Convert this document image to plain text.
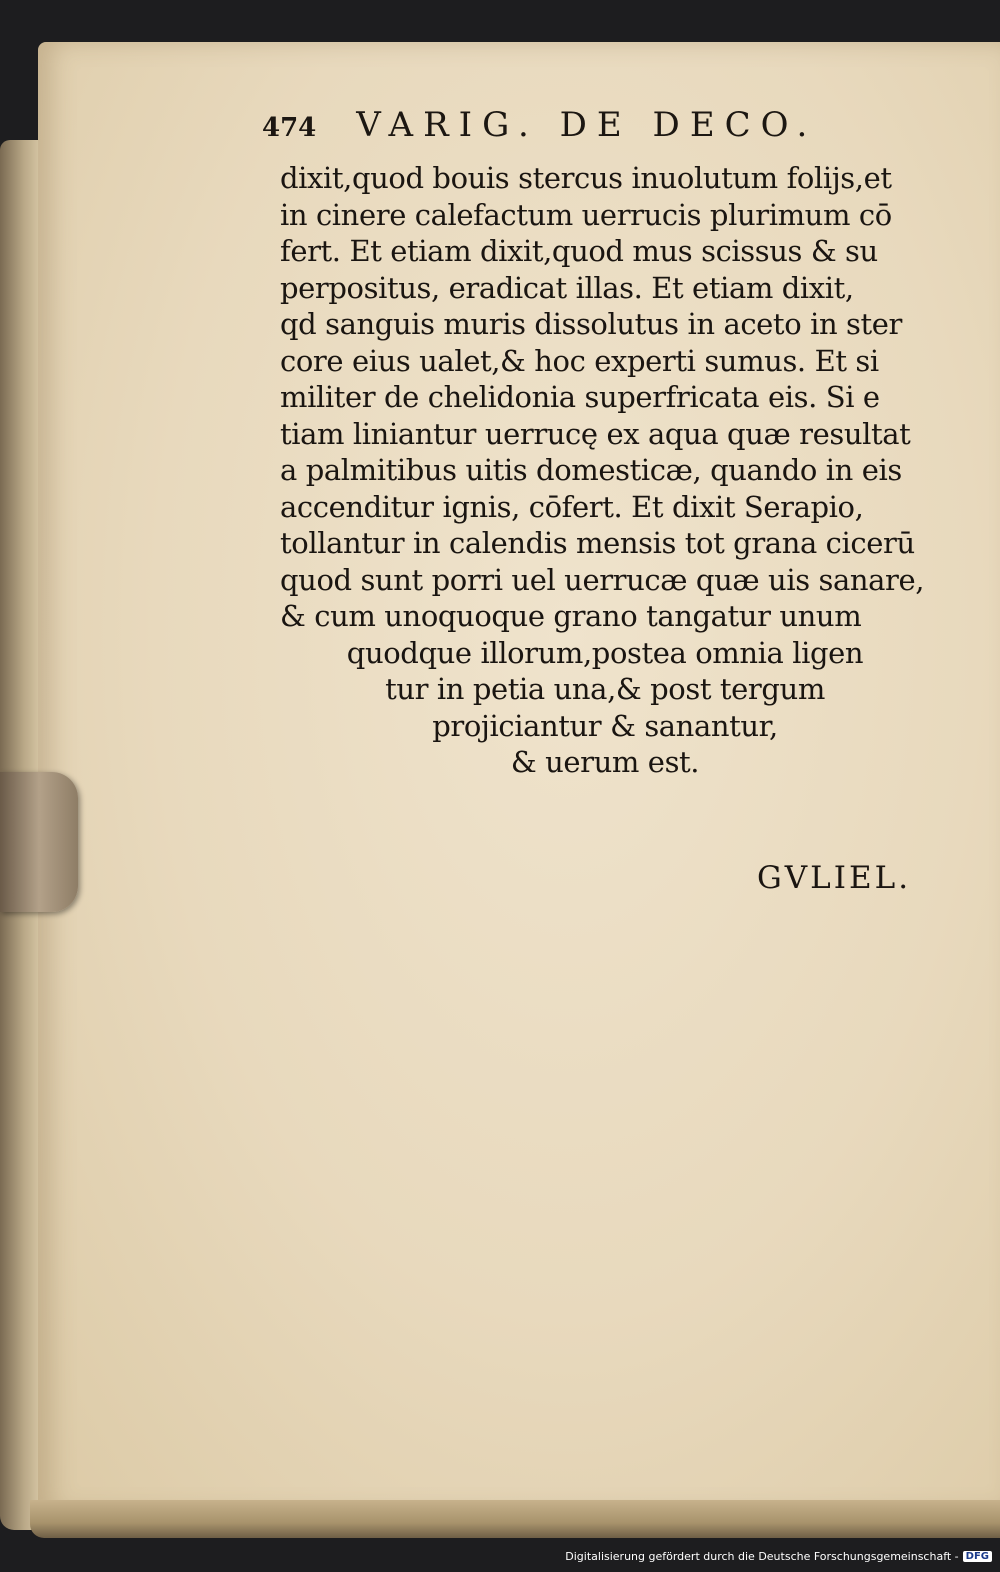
474 VARIG. DE DECO.
dixit,quod bouis stercus inuolutum folijs,et
in cinere calefactum uerrucis plurimum cō
fert. Et etiam dixit,quod mus scissus & su
perpositus, eradicat illas. Et etiam dixit,
qd sanguis muris dissolutus in aceto in ster
core eius ualet,& hoc experti sumus. Et si
militer de chelidonia superfricata eis. Si e
tiam liniantur uerrucę ex aqua quæ resultat
a palmitibus uitis domesticæ, quando in eis
accenditur ignis, cōfert. Et dixit Serapio,
tollantur in calendis mensis tot grana cicerū
quod sunt porri uel uerrucæ quæ uis sanare,
& cum unoquoque grano tangatur unum
quodque illorum,postea omnia ligen
tur in petia una,& post tergum
projiciantur & sanantur,
& uerum est.
GVLIEL.
Digitalisierung gefördert durch die Deutsche Forschungsgemeinschaft - DFG
